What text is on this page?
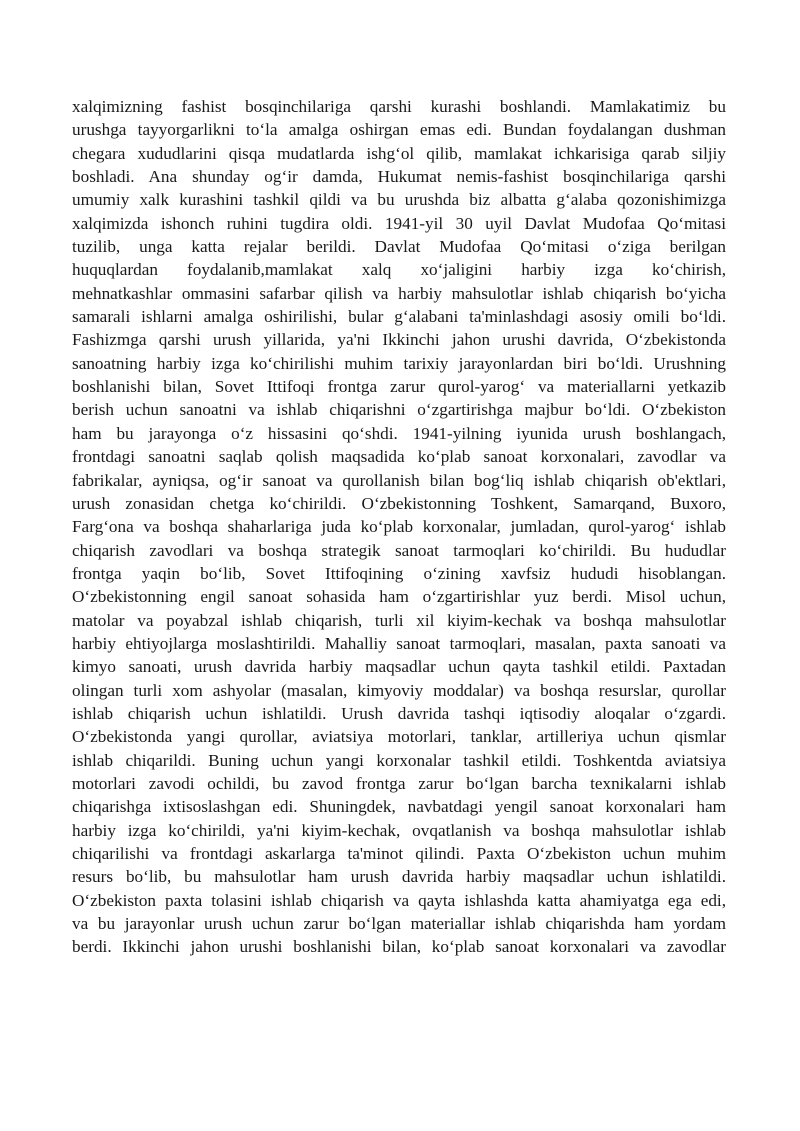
xalqimizning fashist bosqinchilariga qarshi kurashi boshlandi. Mamlakatimiz bu
urushga tayyorgarlikni to‘la amalga oshirgan emas edi. Bundan foydalangan dushman
chegara xududlarini qisqa mudatlarda ishg‘ol qilib, mamlakat ichkarisiga qarab siljiy
boshladi. Ana shunday og‘ir damda, Hukumat nemis-fashist bosqinchilariga qarshi
umumiy xalk kurashini tashkil qildi va bu urushda biz albatta g‘alaba qozonishimizga
xalqimizda ishonch ruhini tugdira oldi. 1941-yil 30 uyil Davlat Mudofaa Qo‘mitasi
tuzilib, unga katta rejalar berildi. Davlat Mudofaa Qo‘mitasi o‘ziga berilgan
huquqlardan foydalanib,mamlakat xalq xo‘jaligini harbiy izga ko‘chirish,
mehnatkashlar ommasini safarbar qilish va harbiy mahsulotlar ishlab chiqarish bo‘yicha
samarali ishlarni amalga oshirilishi, bular g‘alabani ta'minlashdagi asosiy omili bo‘ldi.
Fashizmga qarshi urush yillarida, ya'ni Ikkinchi jahon urushi davrida, O‘zbekistonda
sanoatning harbiy izga ko‘chirilishi muhim tarixiy jarayonlardan biri bo‘ldi. Urushning
boshlanishi bilan, Sovet Ittifoqi frontga zarur qurol-yarog‘ va materiallarni yetkazib
berish uchun sanoatni va ishlab chiqarishni o‘zgartirishga majbur bo‘ldi. O‘zbekiston
ham bu jarayonga o‘z hissasini qo‘shdi. 1941-yilning iyunida urush boshlangach,
frontdagi sanoatni saqlab qolish maqsadida ko‘plab sanoat korxonalari, zavodlar va
fabrikalar, ayniqsa, og‘ir sanoat va qurollanish bilan bog‘liq ishlab chiqarish ob'ektlari,
urush zonasidan chetga ko‘chirildi. O‘zbekistonning Toshkent, Samarqand, Buxoro,
Farg‘ona va boshqa shaharlariga juda ko‘plab korxonalar, jumladan, qurol-yarog‘ ishlab
chiqarish zavodlari va boshqa strategik sanoat tarmoqlari ko‘chirildi. Bu hududlar
frontga yaqin bo‘lib, Sovet Ittifoqining o‘zining xavfsiz hududi hisoblangan.
O‘zbekistonning engil sanoat sohasida ham o‘zgartirishlar yuz berdi. Misol uchun,
matolar va poyabzal ishlab chiqarish, turli xil kiyim-kechak va boshqa mahsulotlar
harbiy ehtiyojlarga moslashtirildi. Mahalliy sanoat tarmoqlari, masalan, paxta sanoati va
kimyo sanoati, urush davrida harbiy maqsadlar uchun qayta tashkil etildi. Paxtadan
olingan turli xom ashyolar (masalan, kimyoviy moddalar) va boshqa resurslar, qurollar
ishlab chiqarish uchun ishlatildi. Urush davrida tashqi iqtisodiy aloqalar o‘zgardi.
O‘zbekistonda yangi qurollar, aviatsiya motorlari, tanklar, artilleriya uchun qismlar
ishlab chiqarildi. Buning uchun yangi korxonalar tashkil etildi. Toshkentda aviatsiya
motorlari zavodi ochildi, bu zavod frontga zarur bo‘lgan barcha texnikalarni ishlab
chiqarishga ixtisoslashgan edi. Shuningdek, navbatdagi yengil sanoat korxonalari ham
harbiy izga ko‘chirildi, ya'ni kiyim-kechak, ovqatlanish va boshqa mahsulotlar ishlab
chiqarilishi va frontdagi askarlarga ta'minot qilindi. Paxta O‘zbekiston uchun muhim
resurs bo‘lib, bu mahsulotlar ham urush davrida harbiy maqsadlar uchun ishlatildi.
O‘zbekiston paxta tolasini ishlab chiqarish va qayta ishlashda katta ahamiyatga ega edi,
va bu jarayonlar urush uchun zarur bo‘lgan materiallar ishlab chiqarishda ham yordam
berdi. Ikkinchi jahon urushi boshlanishi bilan, ko‘plab sanoat korxonalari va zavodlar
